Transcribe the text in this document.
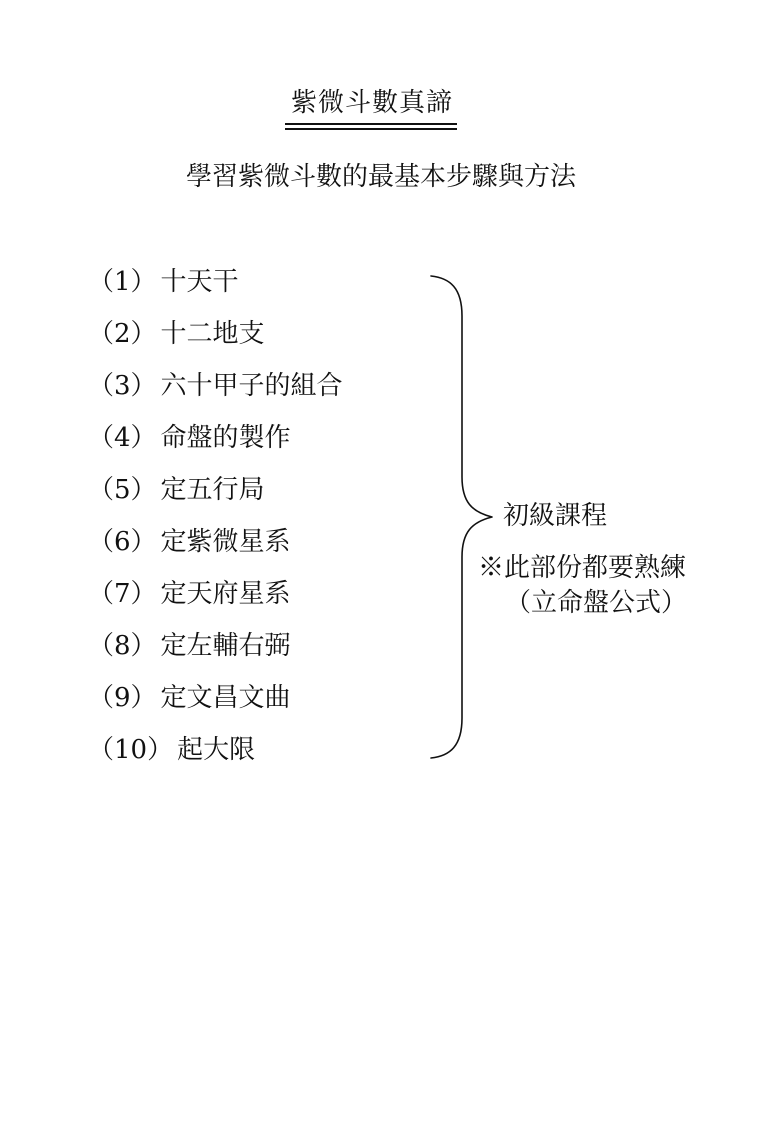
紫微斗數真諦
學習紫微斗數的最基本步驟與方法
（1） 十天干
（2） 十二地支
（3） 六十甲子的組合
（4） 命盤的製作
（5） 定五行局
（6） 定紫微星系
（7） 定天府星系
（8） 定左輔右弼
（9） 定文昌文曲
（10） 起大限
初級課程
※此部份都要熟練
（立命盤公式）
